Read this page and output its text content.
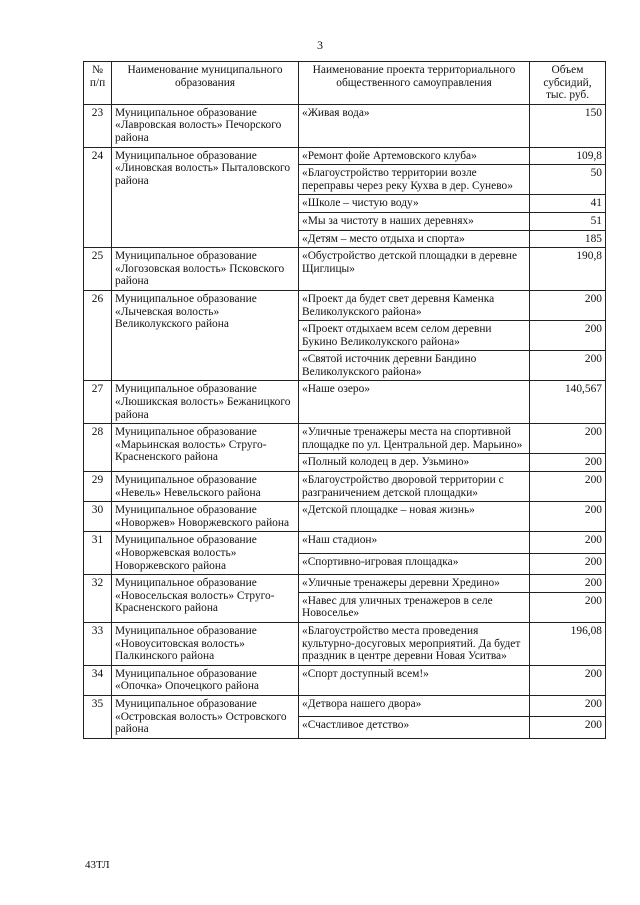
3
№ п/п	Наименование муниципального образования	Наименование проекта территориального общественного самоуправления	Объем субсидий, тыс. руб.
23	Муниципальное образование «Лавровская волость» Печорского района	«Живая вода»	150
24	Муниципальное образование «Линовская волость» Пыталовского района	«Ремонт фойе Артемовского клуба»	109,8
		«Благоустройство территории возле переправы через реку Кухва в дер. Сунево»	50
		«Школе – чистую воду»	41
		«Мы за чистоту в наших деревнях»	51
		«Детям – место отдыха и спорта»	185
25	Муниципальное образование «Логозовская волость» Псковского района	«Обустройство детской площадки в деревне Щиглицы»	190,8
26	Муниципальное образование «Лычевская волость» Великолукского района	«Проект да будет свет деревня Каменка Великолукского района»	200
		«Проект отдыхаем всем селом деревни Букино Великолукского района»	200
		«Святой источник деревни Бандино Великолукского района»	200
27	Муниципальное образование «Люшикская волость» Бежаницкого района	«Наше озеро»	140,567
28	Муниципальное образование «Марьинская волость» Струго-Красненского района	«Уличные тренажеры места на спортивной площадке по ул. Центральной дер. Марьино»	200
		«Полный колодец в дер. Узьмино»	200
29	Муниципальное образование «Невель» Невельского района	«Благоустройство дворовой территории с разграничением детской площадки»	200
30	Муниципальное образование «Новоржев» Новоржевского района	«Детской площадке – новая жизнь»	200
31	Муниципальное образование «Новоржевская волость» Новоржевского района	«Наш стадион»	200
		«Спортивно-игровая площадка»	200
32	Муниципальное образование «Новосельская волость» Струго-Красненского района	«Уличные тренажеры деревни Хредино»	200
		«Навес для уличных тренажеров в селе Новоселье»	200
33	Муниципальное образование «Новоуситовская волость» Палкинского района	«Благоустройство места проведения культурно-досуговых мероприятий. Да будет праздник в центре деревни Новая Уситва»	196,08
34	Муниципальное образование «Опочка» Опочецкого района	«Спорт доступный всем!»	200
35	Муниципальное образование «Островская волость» Островского района	«Детвора нашего двора»	200
		«Счастливое детство»	200
43ТЛ
